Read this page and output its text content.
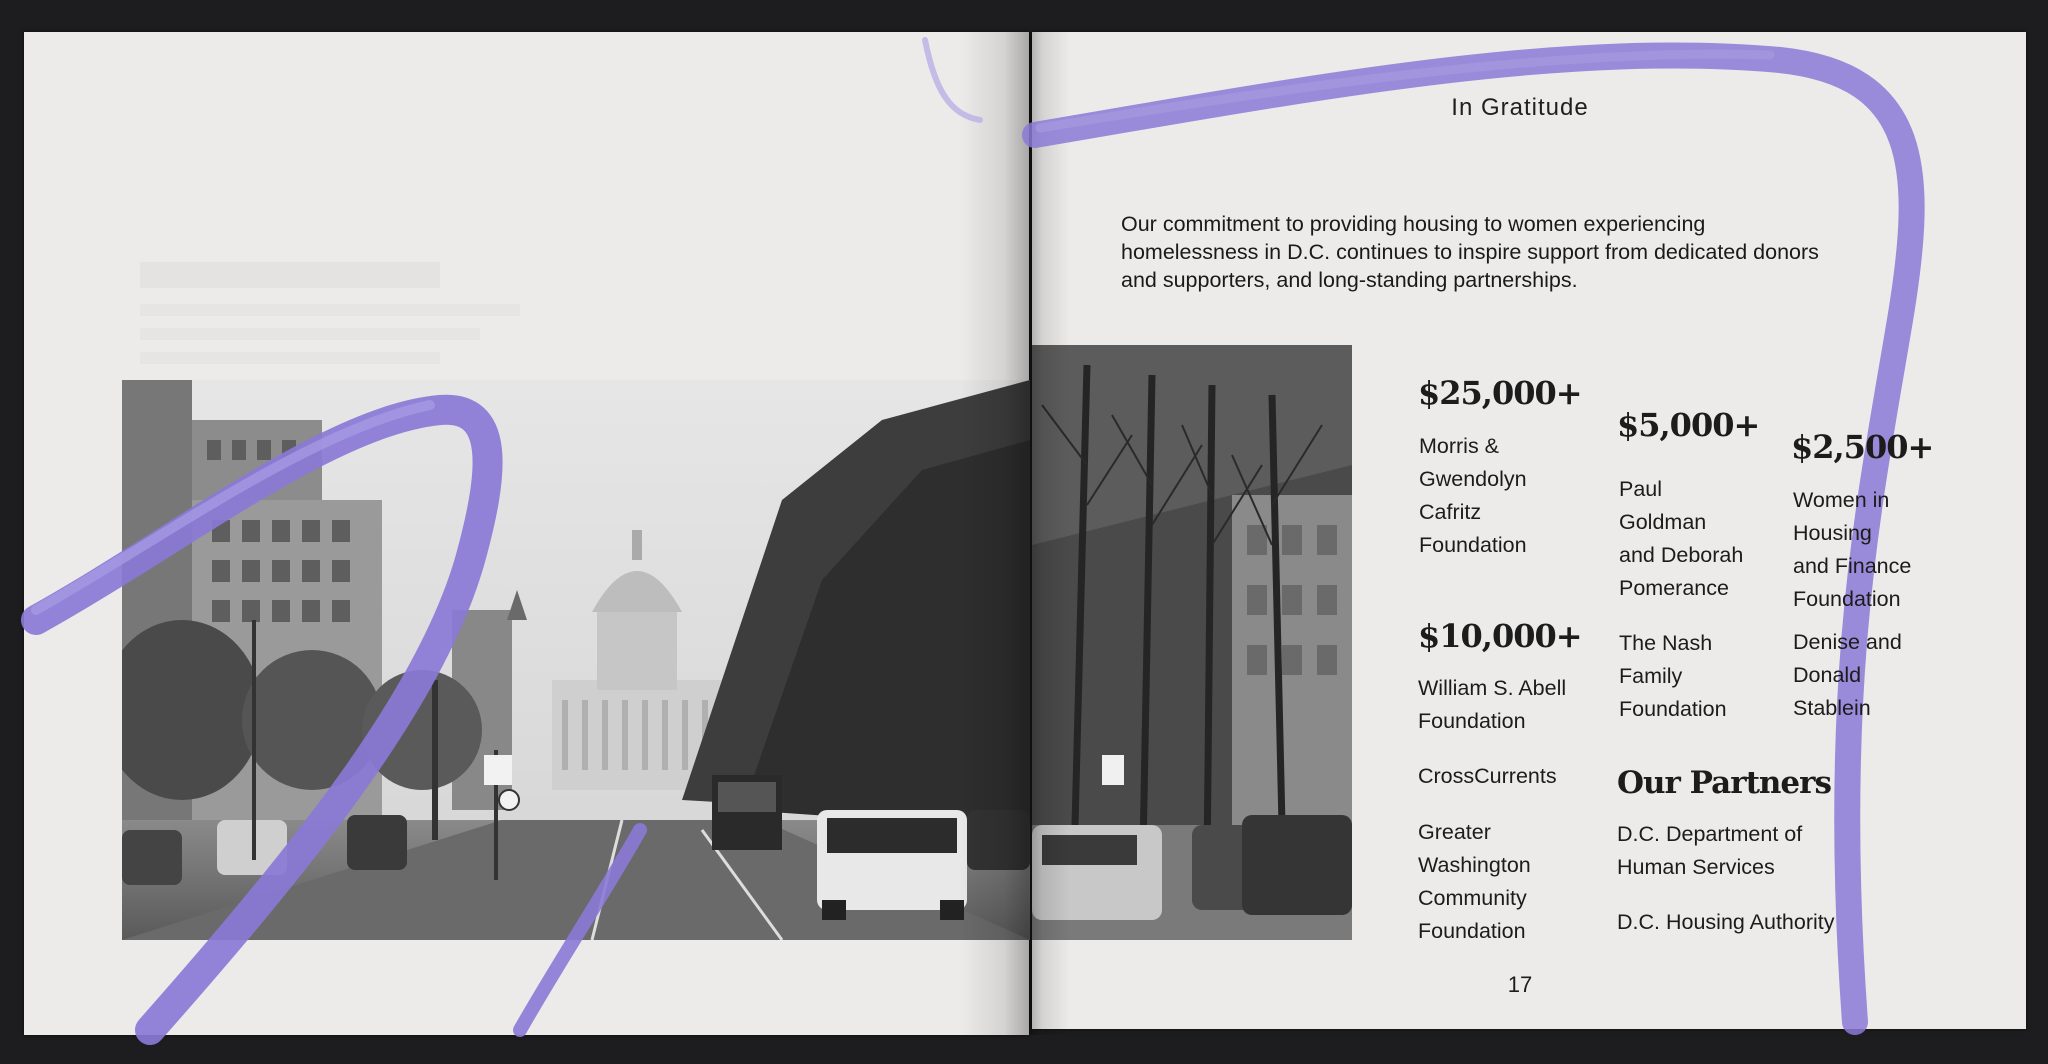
In Gratitude
Our commitment to providing housing to women experiencing homelessness in D.C. continues to inspire support from dedicated donors and supporters, and long-standing partnerships.
$25,000+
Morris &
Gwendolyn
Cafritz
Foundation
$10,000+
William S. Abell
Foundation
CrossCurrents
Greater
Washington
Community
Foundation
$5,000+
Paul
Goldman
and Deborah
Pomerance
The Nash
Family
Foundation
$2,500+
Women in
Housing
and Finance
Foundation
Denise and
Donald
Stablein
Our Partners
D.C. Department of
Human Services
D.C. Housing Authority
17
